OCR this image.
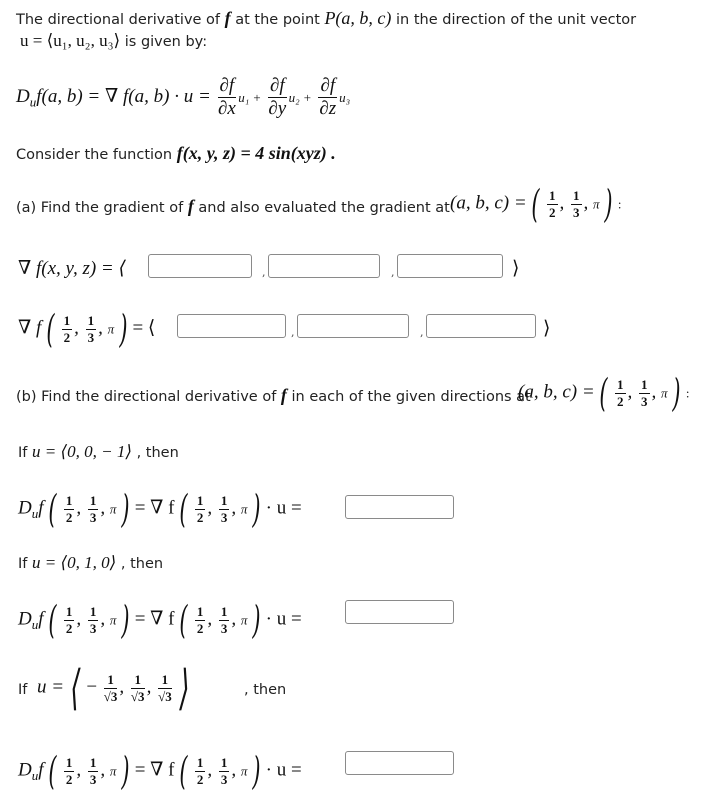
The directional derivative of f at the point P(a, b, c) in the direction of the unit vector
u = ⟨u₁, u₂, u₃⟩ is given by:
$D_uf(a$, b) = ∇ f(a, $b) \cdot u = \frac{\partial f}{\partial x} u_1 + \frac{\partial f}{\partial y} u_2 + \frac{\partial f}{\partial z} u_3$
Consider the function f(x, y, z) = 4 sin(xyz) .
(a) Find the gradient of f and also evaluated the gradient at (a, b, c) = ( $\frac{1}{2}$ , $\frac{1}{3}$ , π ) :
∇ f(x, y, z) = ⟨	,	,	⟩
∇ f ( $\frac{1}{2}$ , $\frac{1}{3}$ , π ) = ⟨	,	,	⟩
(b) Find the directional derivative of f in each of the given directions at
(a, b, c) = ( $\frac{1}{2}$ , $\frac{1}{3}$ , π ) :
If u = ⟨0, 0, − 1⟩ , then
$D_uf$ ( $\frac{1}{2}$ , $\frac{1}{3}$ , π ) = ∇ f ( $\frac{1}{2}$ , $\frac{1}{3}$ , π ) · u =
If u = ⟨0, 1, 0⟩ , then
$D_uf$ ( $\frac{1}{2}$ , $\frac{1}{3}$ , π ) = ∇ f ( $\frac{1}{2}$ , $\frac{1}{3}$ , π ) · u =
If u = ⟨ − $\frac{1}{√3}$ , $\frac{1}{√3}$ , $\frac{1}{√3}$ ⟩	, then
$D_uf$ ( $\frac{1}{2}$ , $\frac{1}{3}$ , π ) = ∇ f ( $\frac{1}{2}$ , $\frac{1}{3}$ , π ) · u =
